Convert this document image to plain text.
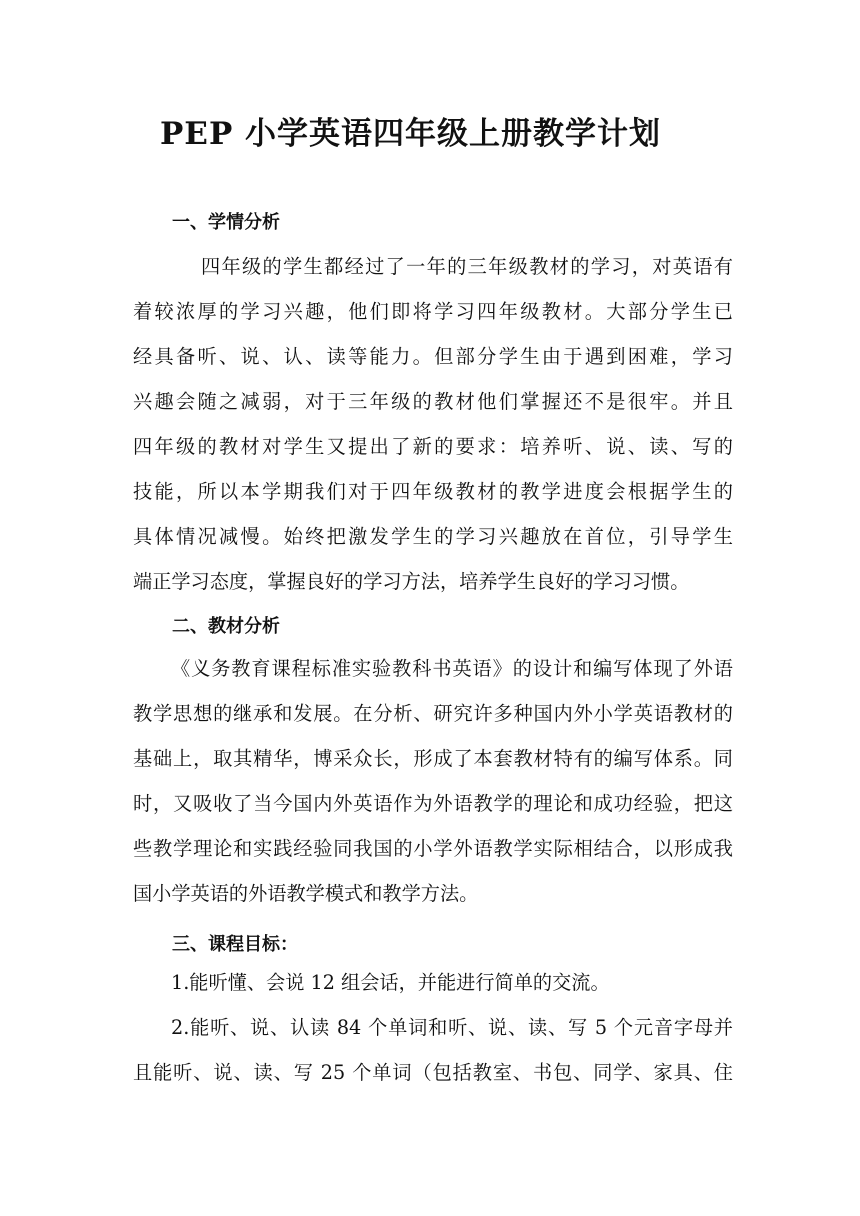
PEP 小学英语四年级上册教学计划
一、学情分析
四年级的学生都经过了一年的三年级教材的学习，对英语有
着较浓厚的学习兴趣，他们即将学习四年级教材。大部分学生已
经具备听、说、认、读等能力。但部分学生由于遇到困难，学习
兴趣会随之减弱，对于三年级的教材他们掌握还不是很牢。并且
四年级的教材对学生又提出了新的要求：培养听、说、读、写的
技能，所以本学期我们对于四年级教材的教学进度会根据学生的
具体情况减慢。始终把激发学生的学习兴趣放在首位，引导学生
端正学习态度，掌握良好的学习方法，培养学生良好的学习习惯。
二、教材分析
《义务教育课程标准实验教科书英语》的设计和编写体现了外语
教学思想的继承和发展。在分析、研究许多种国内外小学英语教材的
基础上，取其精华，博采众长，形成了本套教材特有的编写体系。同
时，又吸收了当今国内外英语作为外语教学的理论和成功经验，把这
些教学理论和实践经验同我国的小学外语教学实际相结合，以形成我
国小学英语的外语教学模式和教学方法。
三、课程目标：
1.能听懂、会说 12 组会话，并能进行简单的交流。
2.能听、说、认读 84 个单词和听、说、读、写 5 个元音字母并
且能听、说、读、写 25 个单词（包括教室、书包、同学、家具、住
